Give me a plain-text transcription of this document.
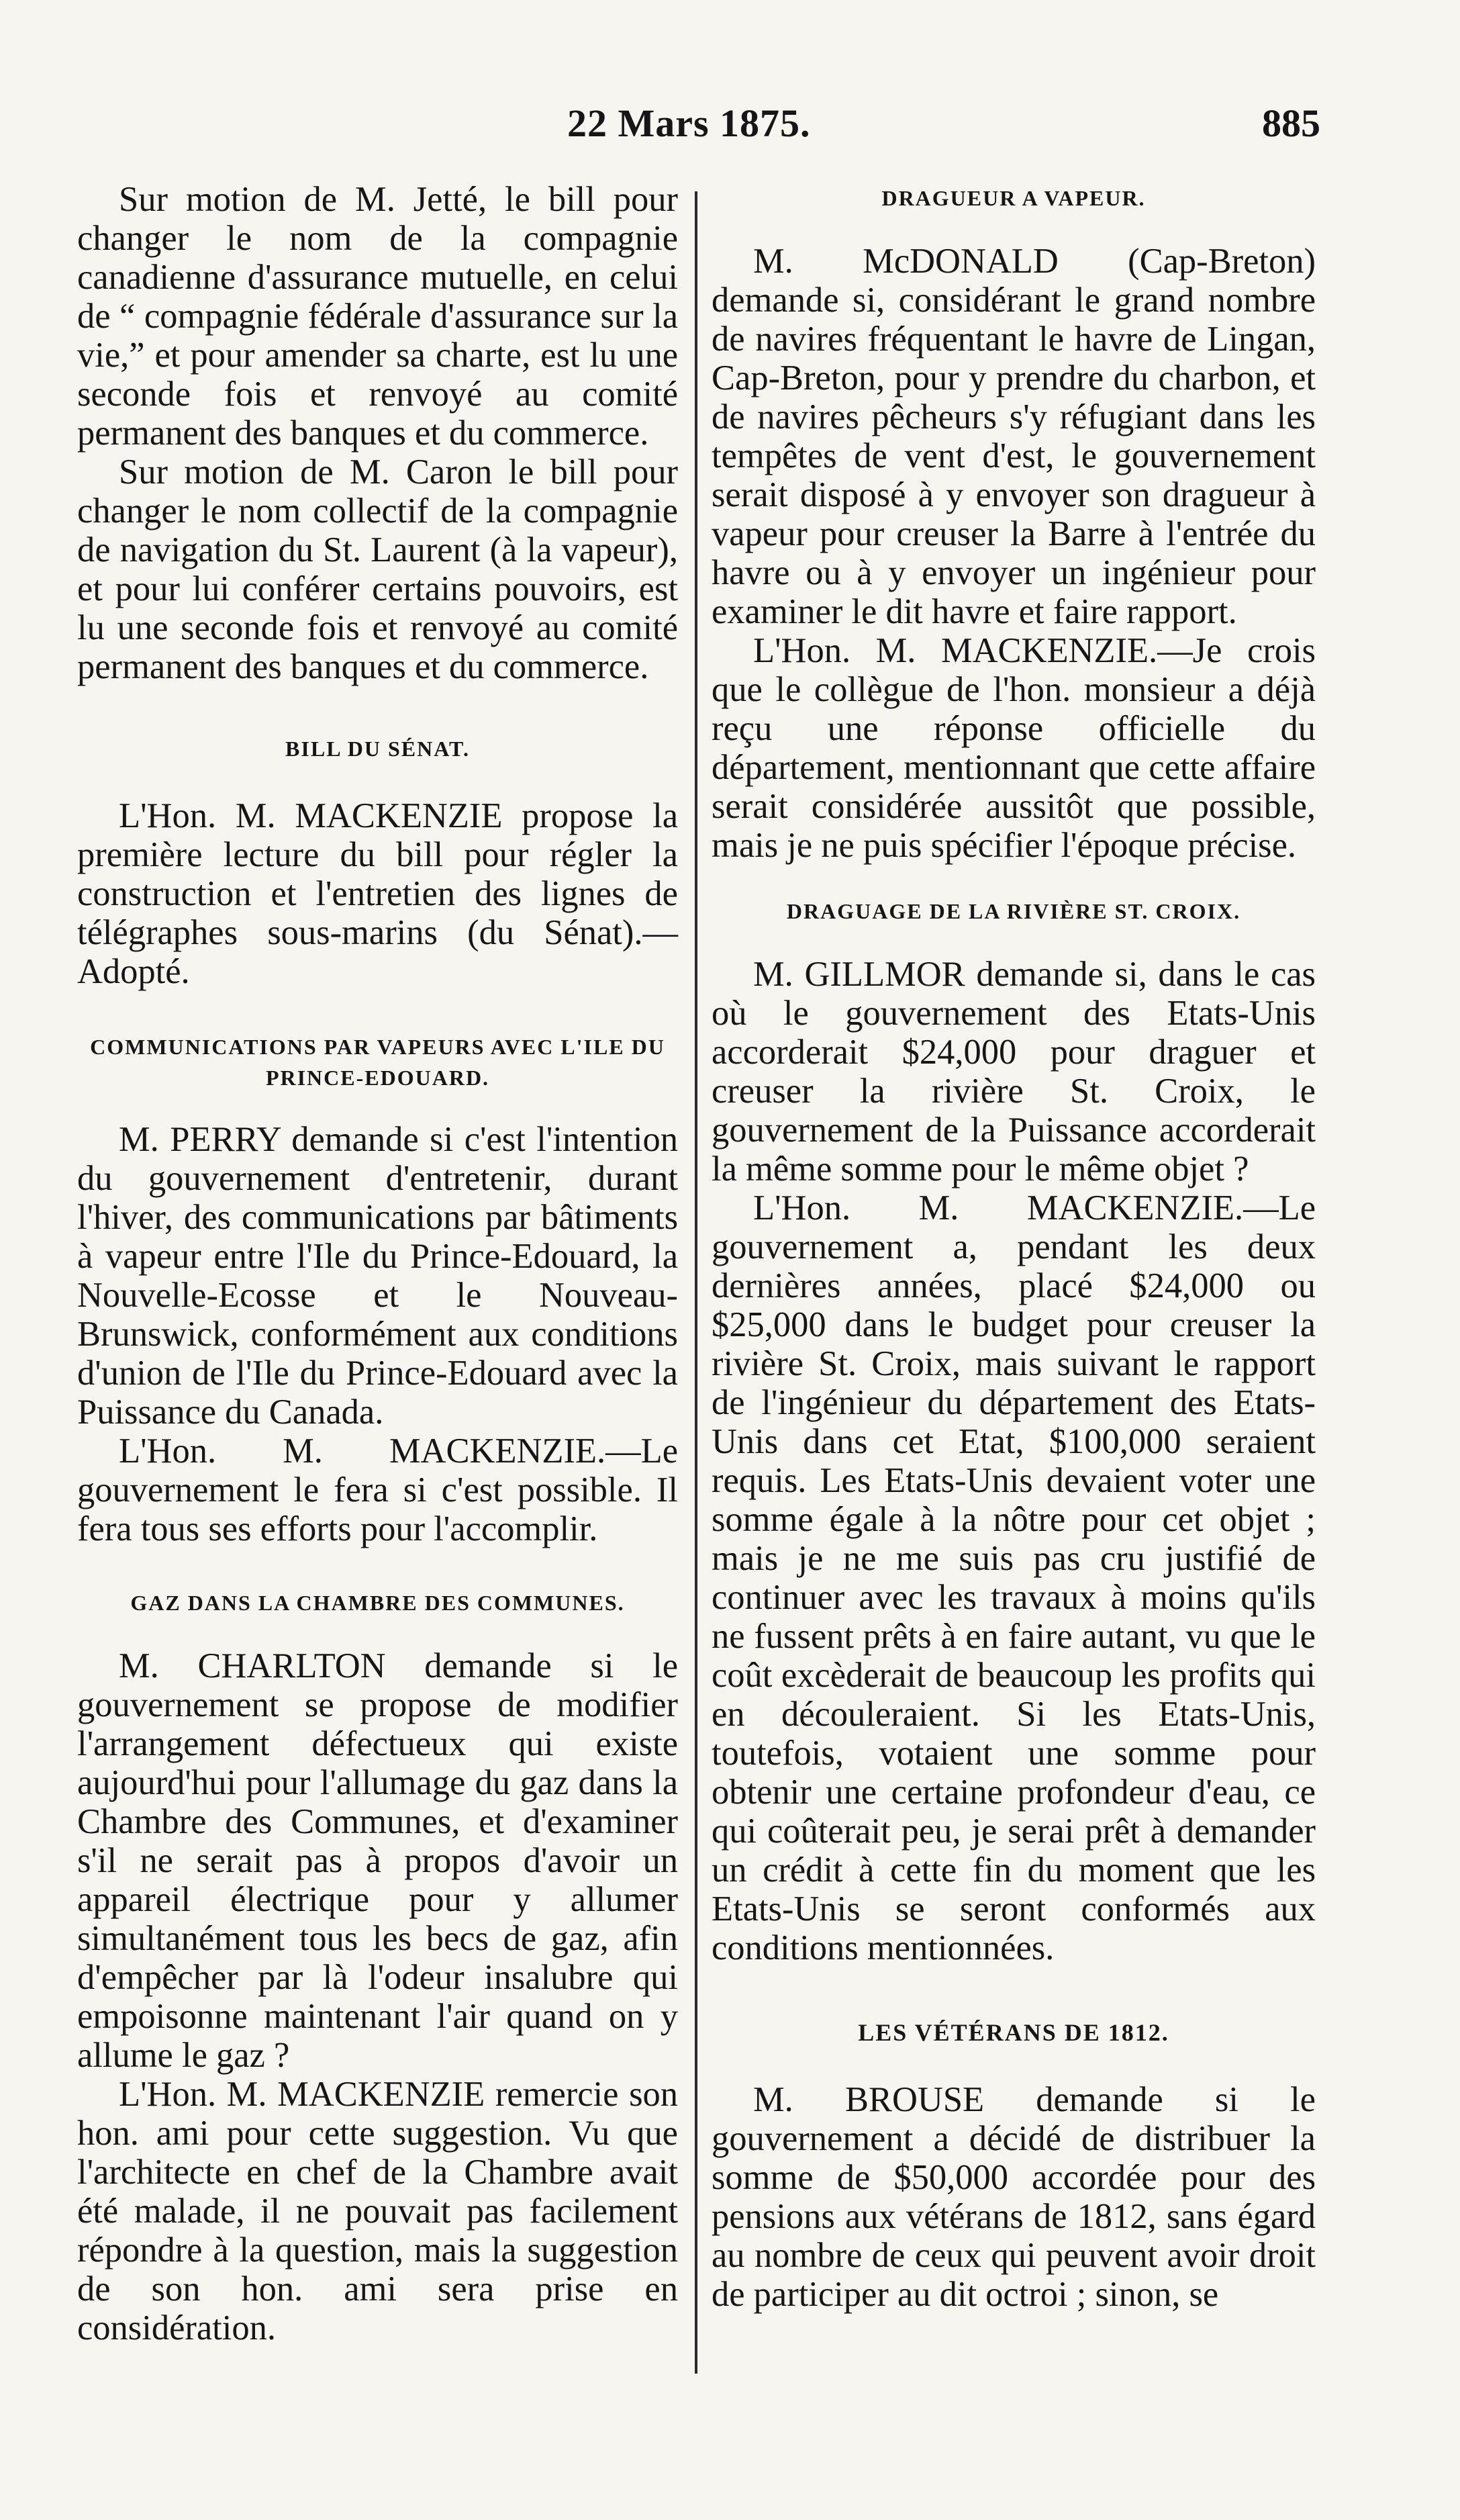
22 Mars 1875.	885

Sur motion de M. Jetté, le bill pour changer le nom de la compagnie canadienne d'assurance mutuelle, en celui de “ compagnie fédérale d'assurance sur la vie,” et pour amender sa charte, est lu une seconde fois et renvoyé au comité permanent des banques et du commerce.

Sur motion de M. Caron le bill pour changer le nom collectif de la compagnie de navigation du St. Laurent (à la vapeur), et pour lui conférer certains pouvoirs, est lu une seconde fois et renvoyé au comité permanent des banques et du commerce.

BILL DU SÉNAT.

L'Hon. M. MACKENZIE propose la première lecture du bill pour régler la construction et l'entretien des lignes de télégraphes sous-marins (du Sénat).— Adopté.

COMMUNICATIONS PAR VAPEURS AVEC L'ILE DU PRINCE-EDOUARD.

M. PERRY demande si c'est l'intention du gouvernement d'entretenir, durant l'hiver, des communications par bâtiments à vapeur entre l'Ile du Prince-Edouard, la Nouvelle-Ecosse et le Nouveau-Brunswick, conformément aux conditions d'union de l'Ile du Prince-Edouard avec la Puissance du Canada.

L'Hon. M. MACKENZIE.—Le gouvernement le fera si c'est possible. Il fera tous ses efforts pour l'accomplir.

GAZ DANS LA CHAMBRE DES COMMUNES.

M. CHARLTON demande si le gouvernement se propose de modifier l'arrangement défectueux qui existe aujourd'hui pour l'allumage du gaz dans la Chambre des Communes, et d'examiner s'il ne serait pas à propos d'avoir un appareil électrique pour y allumer simultanément tous les becs de gaz, afin d'empêcher par là l'odeur insalubre qui empoisonne maintenant l'air quand on y allume le gaz ?

L'Hon. M. MACKENZIE remercie son hon. ami pour cette suggestion. Vu que l'architecte en chef de la Chambre avait été malade, il ne pouvait pas facilement répondre à la question, mais la suggestion de son hon. ami sera prise en considération.

DRAGUEUR A VAPEUR.

M. McDONALD (Cap-Breton) demande si, considérant le grand nombre de navires fréquentant le havre de Lingan, Cap-Breton, pour y prendre du charbon, et de navires pêcheurs s'y réfugiant dans les tempêtes de vent d'est, le gouvernement serait disposé à y envoyer son dragueur à vapeur pour creuser la Barre à l'entrée du havre ou à y envoyer un ingénieur pour examiner le dit havre et faire rapport.

L'Hon. M. MACKENZIE.—Je crois que le collègue de l'hon. monsieur a déjà reçu une réponse officielle du département, mentionnant que cette affaire serait considérée aussitôt que possible, mais je ne puis spécifier l'époque précise.

DRAGUAGE DE LA RIVIÈRE ST. CROIX.

M. GILLMOR demande si, dans le cas où le gouvernement des Etats-Unis accorderait $24,000 pour draguer et creuser la rivière St. Croix, le gouvernement de la Puissance accorderait la même somme pour le même objet ?

L'Hon. M. MACKENZIE.—Le gouvernement a, pendant les deux dernières années, placé $24,000 ou $25,000 dans le budget pour creuser la rivière St. Croix, mais suivant le rapport de l'ingénieur du département des Etats-Unis dans cet Etat, $100,000 seraient requis. Les Etats-Unis devaient voter une somme égale à la nôtre pour cet objet ; mais je ne me suis pas cru justifié de continuer avec les travaux à moins qu'ils ne fussent prêts à en faire autant, vu que le coût excèderait de beaucoup les profits qui en découleraient. Si les Etats-Unis, toutefois, votaient une somme pour obtenir une certaine profondeur d'eau, ce qui coûterait peu, je serai prêt à demander un crédit à cette fin du moment que les Etats-Unis se seront conformés aux conditions mentionnées.

LES VÉTÉRANS DE 1812.

M. BROUSE demande si le gouvernement a décidé de distribuer la somme de $50,000 accordée pour des pensions aux vétérans de 1812, sans égard au nombre de ceux qui peuvent avoir droit de participer au dit octroi ; sinon, se
